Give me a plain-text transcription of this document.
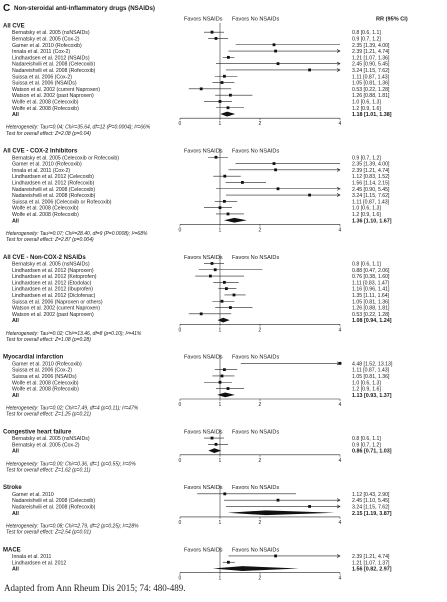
C Non-steroidal anti-inflammatory drugs (NSAIDs)
Favors NSAIDs Favors No NSAIDs	RR (95% CI)
All CVE
Bernatsky et al. 2005 (nsNSAIDs)	0.8 [0.6, 1.1]
Bernatsky et al. 2005 (Cox-2)	0.9 [0.7, 1.2]
Garner et al. 2010 (Rofecoxib)	2.35 [1.39, 4.00]
Innala et al. 2011 (Cox-2)	2.39 [1.21, 4.74]
Lindhardsen et al. 2012 (NSAIDs)	1.21 [1.07, 1.36]
Nadareishvili et al. 2008 (Celecoxib)	2.45 [0.90, 5.45]
Nadareishvili et al. 2008 (Rofecoxib)	3.24 [1.15, 7.62]
Suissa et al. 2006 (Cox-2)	1.11 [0.87, 1.43]
Suissa et al. 2006 (NSAIDs)	1.05 [0.81, 1.36]
Watson et al. 2002 (current Naproxen)	0.53 [0.22, 1.28]
Watson et al. 2002 (past Naproxen)	1.26 [0.88, 1.81]
Wolfe et al. 2008 (Celecoxib)	1.0 [0.6, 1.3]
Wolfe et al. 2008 (Rofecoxib)	1.2 [0.9, 1.6]
All	1.18 [1.01, 1.38]
0	1	2	4
Heterogeneity: Tau²=0.04; Chi²=35.64, df=12 (P=0.0004); I²=66%
Test for overall effect: Z=2.08 (p=0.04)
Favors NSAIDs Favors No NSAIDs
All CVE - COX-2 Inhibitors
Bernatsky et al. 2005 (Celecoxib or Rofecoxib)	0.9 [0.7, 1.2]
Garner et al. 2010 (Rofecoxib)	2.35 [1.39, 4.00]
Innala et al. 2011 (Cox-2)	2.39 [1.21, 4.74]
Lindhardsen et al. 2012 (Celecoxib)	1.12 [0.83, 1.52]
Lindhardsen et al. 2012 (Rofecoxib)	1.56 [1.14, 2.15]
Nadareishvili et al. 2008 (Celecoxib)	2.45 [0.90, 5.45]
Nadareishvili et al. 2008 (Rofecoxib)	3.24 [1.15, 7.62]
Suissa et al. 2006 (Celecoxib or Rofecoxib)	1.11 [0.87, 1.43]
Wolfe et al. 2008 (Celecoxib)	1.0 [0.6, 1.3]
Wolfe et al. 2008 (Rofecoxib)	1.2 [0.9, 1.6]
All	1.36 [1.10, 1.67]
0	1	2	4
Heterogeneity: Tau²=0.07; Chi²=28.40, df=9 (P=0.0008); I²=68%
Test for overall effect: Z=2.87 (p=0.004)
Favors NSAIDs Favors No NSAIDs
All CVE - Non-COX-2 NSAIDs
Bernatsky et al. 2005 (nsNSAIDs)	0.8 [0.6, 1.1]
Lindhardsen et al. 2012 (Naproxen)	0.88 [0.47, 2.06]
Lindhardsen et al. 2012 (Ketoprofen)	0.76 [0.38, 1.60]
Lindhardsen et al. 2012 (Etodolac)	1.11 [0.83, 1.47]
Lindhardsen et al. 2012 (Ibuprofen)	1.16 [0.96, 1.41]
Lindhardsen et al. 2012 (Diclofenac)	1.35 [1.11, 1.64]
Suissa et al. 2006 (Naproxen or others)	1.05 [0.81, 1.36]
Watson et al. 2002 (current Naproxen)	1.26 [0.88, 1.81]
Watson et al. 2002 (past Naproxen)	0.53 [0.22, 1.28]
All	1.08 [0.94, 1.24]
0	1	2	4
Heterogeneity: Tau²=0.02; Chi²=13.46, df=8 (p=0.10); I²=41%
Test for overall effect: Z=1.08 (p=0.28)
Favors NSAIDs Favors No NSAIDs
Myocardial infarction
Garner et al. 2010 (Rofecoxib)	4.48 [1.52, 13.13]
Suissa et al. 2006 (Cox-2)	1.11 [0.87, 1.43]
Suissa et al. 2006 (NSAIDs)	1.05 [0.81, 1.36]
Wolfe et al. 2008 (Celecoxib)	1.0 [0.6, 1.3]
Wolfe et al. 2008 (Rofecoxib)	1.2 [0.9, 1.6]
All	1.13 [0.93, 1.37]
0	1	2	4
Heterogeneity: Tau²=0.02; Chi²=7.49, df=4 (p=0.11); I²=47%
Test for overall effect: Z=1.25 (p=0.21)
Favors NSAIDs Favors No NSAIDs
Congestive heart failure
Bernatsky et al. 2005 (nsNSAIDs)	0.8 [0.6, 1.1]
Bernatsky et al. 2005 (Cox-2)	0.9 [0.7, 1.2]
All	0.86 [0.71, 1.03]
0	1	2	4
Heterogeneity: Tau²=0.00; Chi²=0.36, df=1 (p=0.55); I²=0%
Test for overall effect: Z=1.62 (p=0.11)
Favors NSAIDs Favors No NSAIDs
Stroke
Garner et al. 2010	1.12 [0.43, 2.90]
Nadareishvili et al. 2008 (Celecoxib)	2.45 [1.10, 5.45]
Nadareishvili et al. 2008 (Rofecoxib)	3.24 [1.15, 7.62]
All	2.15 [1.19, 3.87]
0	1	2	4
Heterogeneity: Tau²=0.08; Chi²=2.79, df=2 (p=0.25); I²=28%
Test for overall effect: Z=2.54 (p=0.01)
Favors NSAIDs Favors No NSAIDs
MACE
Innala et al. 2011	2.39 [1.21, 4.74]
Lindhardsen et al. 2012	1.21 [1.07, 1.37]
All	1.56 [0.82, 2.97]
0	1	2	4
Adapted from Ann Rheum Dis 2015; 74: 480-489.
